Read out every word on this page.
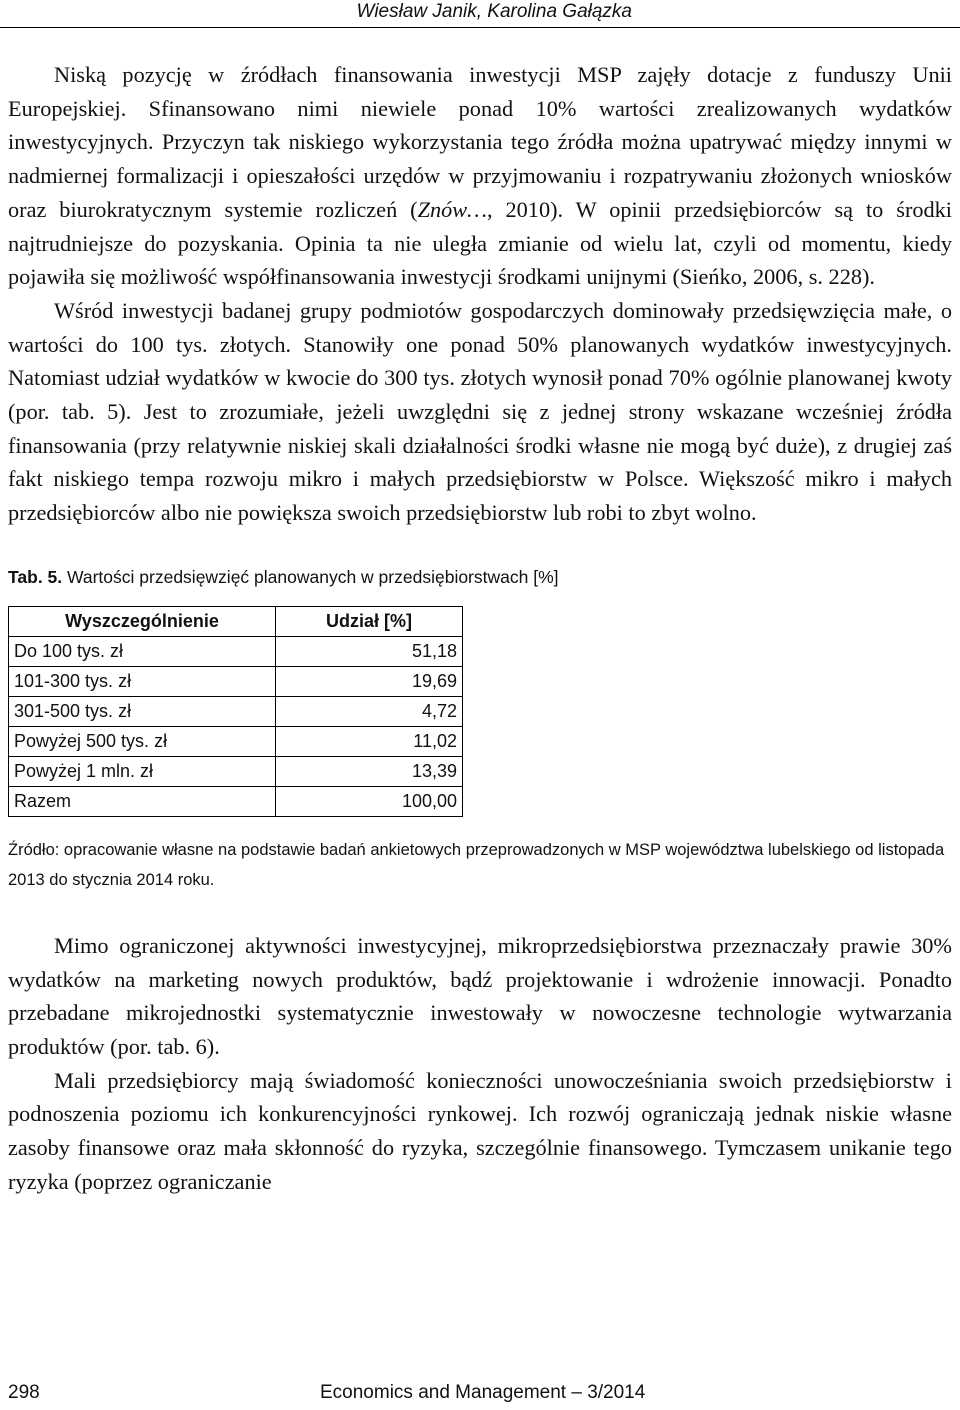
Wiesław Janik, Karolina Gałązka

Niską pozycję w źródłach finansowania inwestycji MSP zajęły dotacje z funduszy Unii Europejskiej. Sfinansowano nimi niewiele ponad 10% wartości zrealizowanych wydatków inwestycyjnych. Przyczyn tak niskiego wykorzystania tego źródła można upatrywać między innymi w nadmiernej formalizacji i opieszałości urzędów w przyjmowaniu i rozpatrywaniu złożonych wniosków oraz biurokratycznym systemie rozliczeń (Znów…, 2010). W opinii przedsiębiorców są to środki najtrudniejsze do pozyskania. Opinia ta nie uległa zmianie od wielu lat, czyli od momentu, kiedy pojawiła się możliwość współfinansowania inwestycji środkami unijnymi (Sieńko, 2006, s. 228).

Wśród inwestycji badanej grupy podmiotów gospodarczych dominowały przedsięwzięcia małe, o wartości do 100 tys. złotych. Stanowiły one ponad 50% planowanych wydatków inwestycyjnych. Natomiast udział wydatków w kwocie do 300 tys. złotych wynosił ponad 70% ogólnie planowanej kwoty (por. tab. 5). Jest to zrozumiałe, jeżeli uwzględni się z jednej strony wskazane wcześniej źródła finansowania (przy relatywnie niskiej skali działalności środki własne nie mogą być duże), z drugiej zaś fakt niskiego tempa rozwoju mikro i małych przedsiębiorstw w Polsce. Większość mikro i małych przedsiębiorców albo nie powiększa swoich przedsiębiorstw lub robi to zbyt wolno.

Tab. 5. Wartości przedsięwzięć planowanych w przedsiębiorstwach [%]
Wyszczególnienie	Udział [%]
Do 100 tys. zł	51,18
101-300 tys. zł	19,69
301-500 tys. zł	4,72
Powyżej 500 tys. zł	11,02
Powyżej 1 mln. zł	13,39
Razem	100,00

Źródło: opracowanie własne na podstawie badań ankietowych przeprowadzonych w MSP województwa lubelskiego od listopada 2013 do stycznia 2014 roku.

Mimo ograniczonej aktywności inwestycyjnej, mikroprzedsiębiorstwa przeznaczały prawie 30% wydatków na marketing nowych produktów, bądź projektowanie i wdrożenie innowacji. Ponadto przebadane mikrojednostki systematycznie inwestowały w nowoczesne technologie wytwarzania produktów (por. tab. 6).

Mali przedsiębiorcy mają świadomość konieczności unowocześniania swoich przedsiębiorstw i podnoszenia poziomu ich konkurencyjności rynkowej. Ich rozwój ograniczają jednak niskie własne zasoby finansowe oraz mała skłonność do ryzyka, szczególnie finansowego. Tymczasem unikanie tego ryzyka (poprzez ograniczanie

298	Economics and Management – 3/2014
